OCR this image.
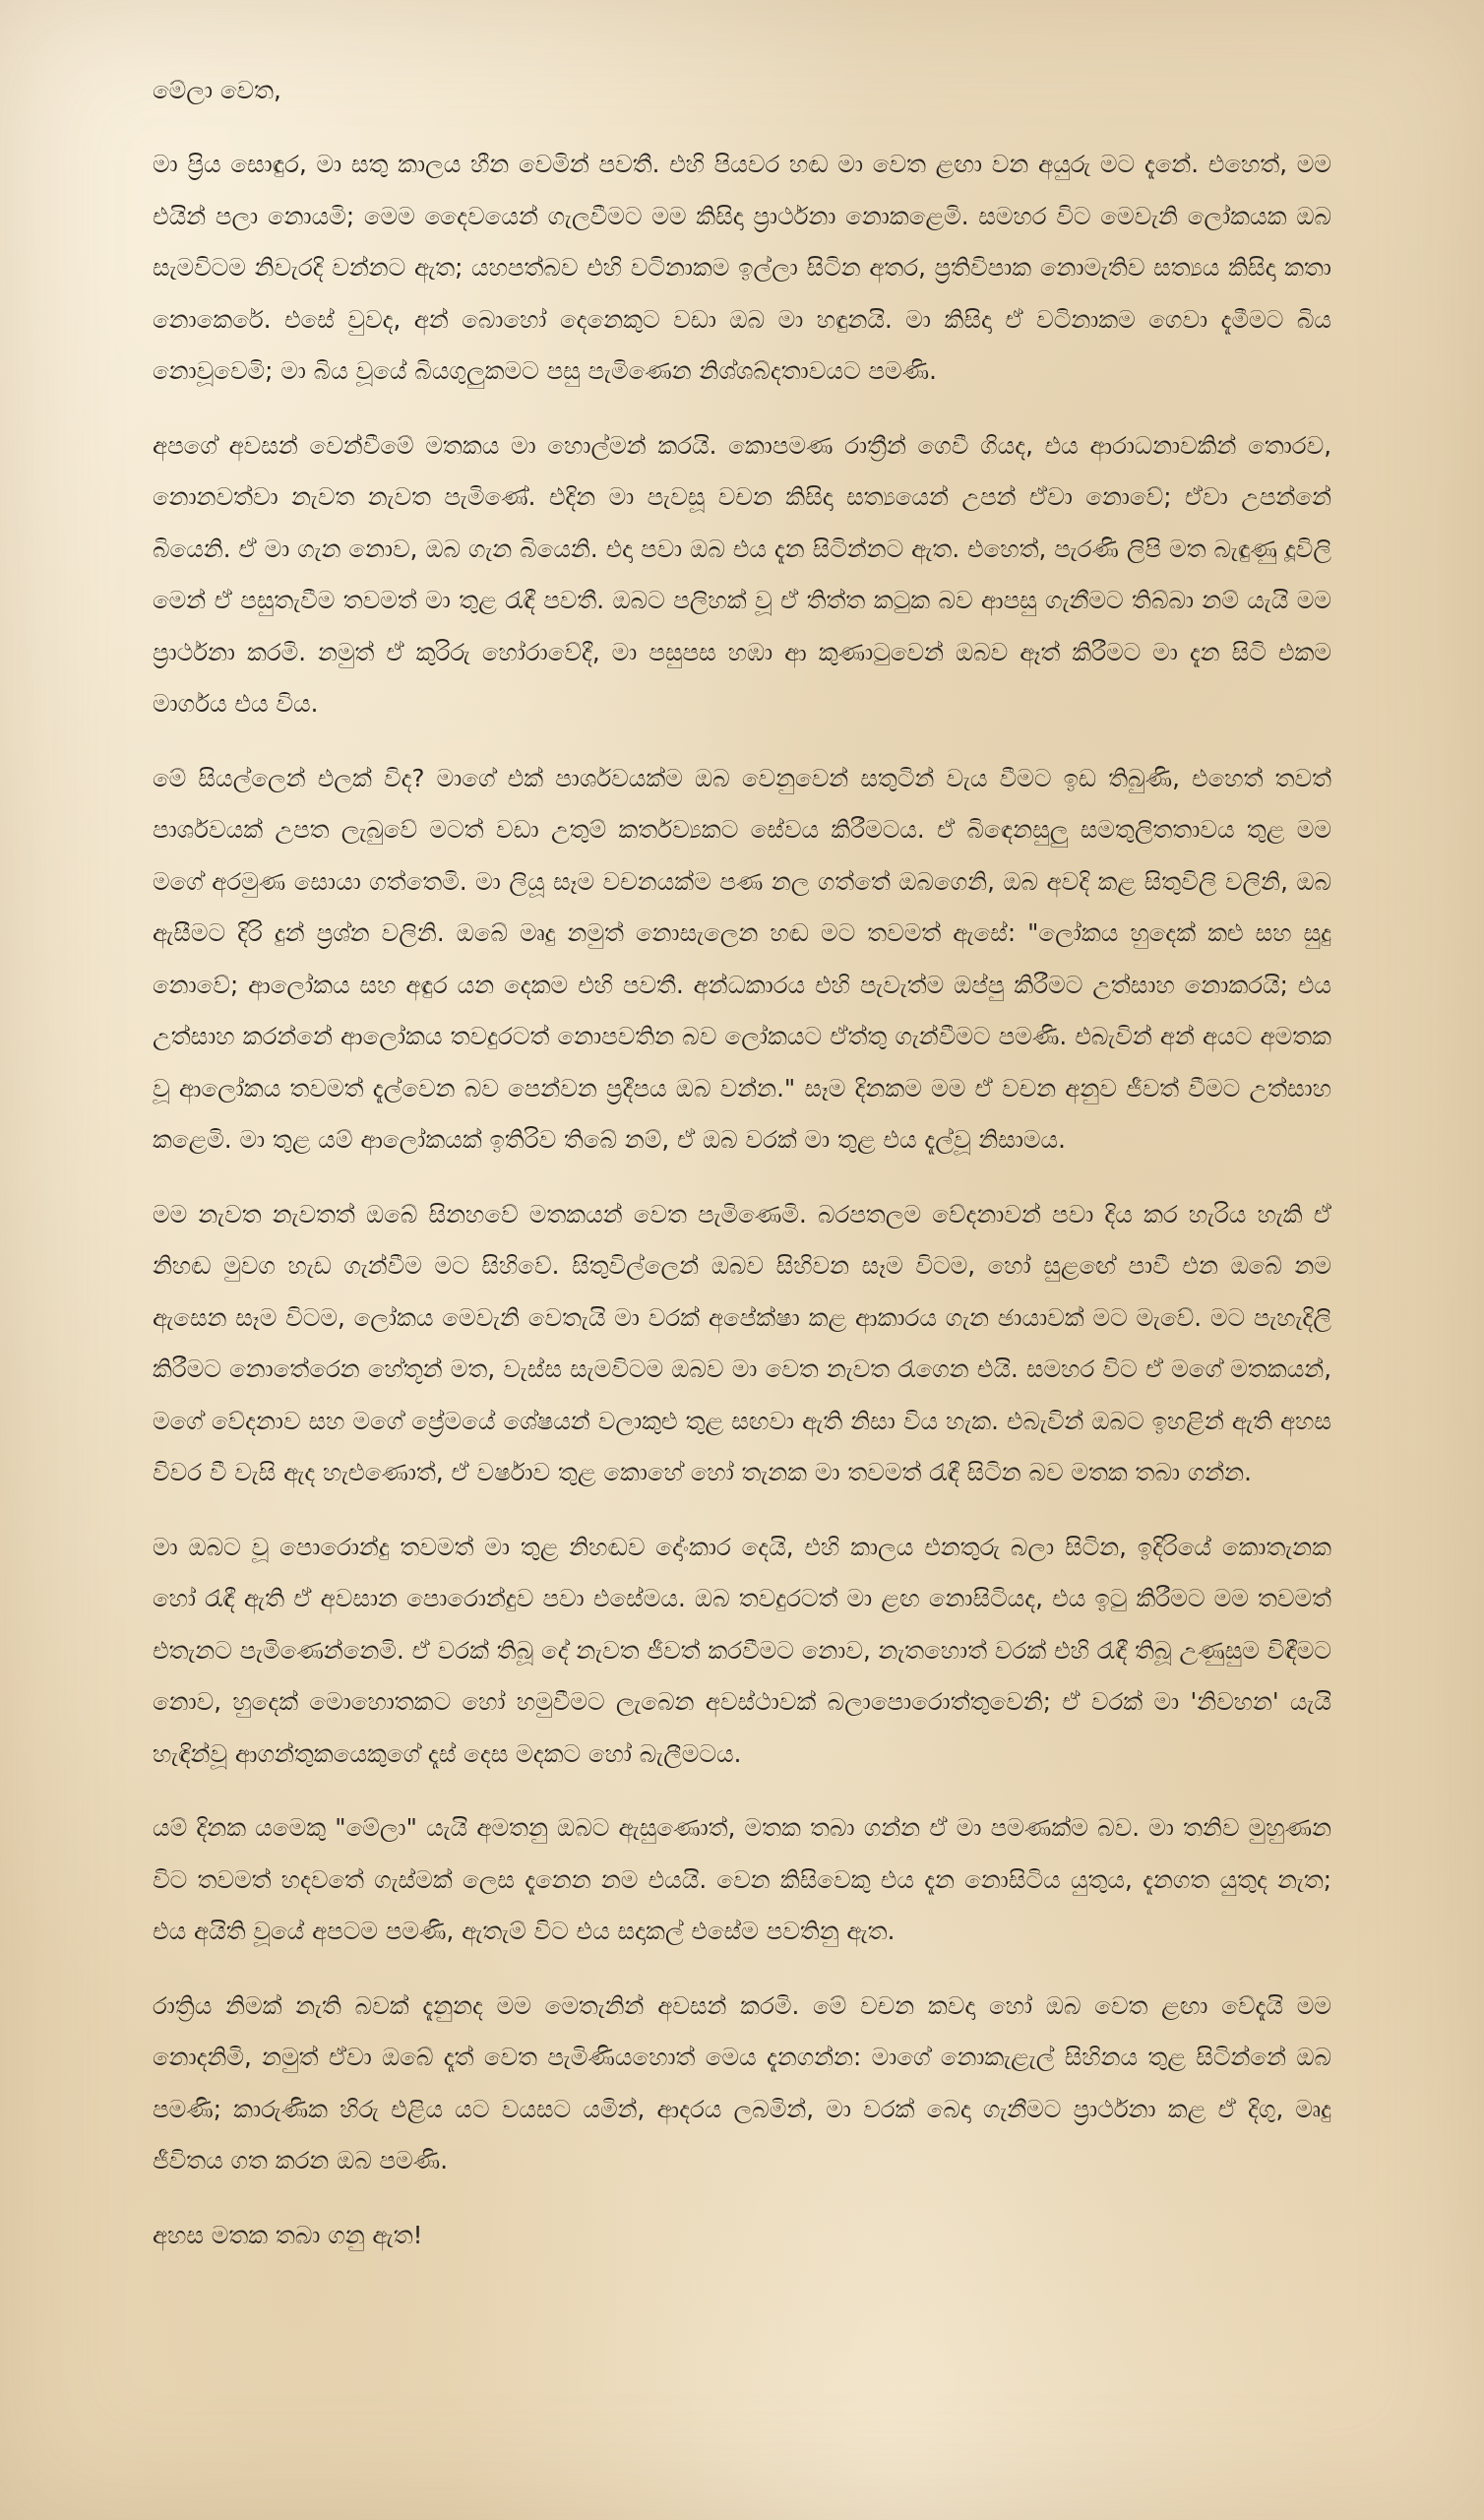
මේලා වෙත,

මා ප්‍රිය සොඳුර, මා සතු කාලය හීන වෙමින් පවතී. එහි පියවර හඬ මා වෙත ළඟා වන අයුරු මට දැනේ. එහෙත්, මම එයින් පලා නොයමි; මෙම දෛවයෙන් ගැලවීමට මම කිසිදා ප්‍රාර්ථනා නොකළෙමි. සමහර විට මෙවැනි ලෝකයක ඔබ සැමවිටම නිවැරදි වන්නට ඇත; යහපත්බව එහි වටිනාකම ඉල්ලා සිටින අතර, ප්‍රතිවිපාක නොමැතිව සත්‍යය කිසිදා කතා නොකෙරේ. එසේ වුවද, අන් බොහෝ දෙනෙකුට වඩා ඔබ මා හඳුනයි. මා කිසිදා ඒ වටිනාකම ගෙවා දැමීමට බිය නොවූවෙමි; මා බිය වූයේ බියගුලුකමට පසු පැමිණෙන නිශ්ශබ්දතාවයට පමණි.

අපගේ අවසන් වෙන්වීමේ මතකය මා හොල්මන් කරයි. කොපමණ රාත්‍රීන් ගෙවී ගියද, එය ආරාධනාවකින් තොරව, නොනවත්වා නැවත නැවත පැමිණේ. එදින මා පැවසූ වචන කිසිදා සත්‍යයෙන් උපන් ඒවා නොවේ; ඒවා උපන්නේ බියෙනි. ඒ මා ගැන නොව, ඔබ ගැන බියෙනි. එදා පවා ඔබ එය දැන සිටින්නට ඇත. එහෙත්, පැරණි ලිපි මත බැඳුණු දූවිලි මෙන් ඒ පසුතැවීම තවමත් මා තුළ රැඳී පවතී. ඔබට පලිහක් වූ ඒ තිත්ත කටුක බව ආපසු ගැනීමට තිබ්බා නම් යැයි මම ප්‍රාර්ථනා කරමි. නමුත් ඒ කුරිරු හෝරාවේදී, මා පසුපස හඹා ආ කුණාටුවෙන් ඔබව ඈත් කිරීමට මා දැන සිටි එකම මාර්ගය එය විය.

මේ සියල්ලෙන් එලක් විද? මාගේ එක් පාර්ශවයක්ම ඔබ වෙනුවෙන් සතුටින් වැය වීමට ඉඩ තිබුණි, එහෙත් තවත් පාර්ශවයක් උපත ලැබුවේ මටත් වඩා උතුම් කර්තව්‍යකට සේවය කිරීමටය. ඒ බිඳෙනසුලු සමතුලිතතාවය තුළ මම මගේ අරමුණ සොයා ගත්තෙමි. මා ලියූ සෑම වචනයක්ම පණ නල ගත්තේ ඔබගෙනි, ඔබ අවදි කළ සිතුවිලි වලිනි, ඔබ ඇසීමට දිරි දුන් ප්‍රශ්න වලිනි. ඔබේ මෘදු නමුත් නොසැලෙන හඬ මට තවමත් ඇසේ: "ලෝකය හුදෙක් කළු සහ සුදු නොවේ; ආලෝකය සහ අඳුර යන දෙකම එහි පවතී. අන්ධකාරය එහි පැවැත්ම ඔප්පු කිරීමට උත්සාහ නොකරයි; එය උත්සාහ කරන්නේ ආලෝකය තවදුරටත් නොපවතින බව ලෝකයට ඒත්තු ගැන්වීමට පමණි. එබැවින් අන් අයට අමතක වූ ආලෝකය තවමත් දැල්වෙන බව පෙන්වන ප්‍රදීපය ඔබ වන්න." සෑම දිනකම මම ඒ වචන අනුව ජීවත් වීමට උත්සාහ කළෙමි. මා තුළ යම් ආලෝකයක් ඉතිරිව තිබේ නම්, ඒ ඔබ වරක් මා තුළ එය දැල්වූ නිසාමය.

මම නැවත නැවතත් ඔබේ සිනහවේ මතකයන් වෙත පැමිණෙමි. බරපතලම වේදනාවන් පවා දිය කර හැරිය හැකි ඒ නිහඬ මුවග හැඩ ගැන්වීම මට සිහිවේ. සිතුවිල්ලෙන් ඔබව සිහිවන සෑම විටම, හෝ සුළඟේ පාවී එන ඔබේ නම ඇසෙන සෑම විටම, ලෝකය මෙවැනි වෙතැයි මා වරක් අපේක්ෂා කළ ආකාරය ගැන ඡායාවක් මට මැවේ. මට පැහැදිලි කිරීමට නොතේරෙන හේතූන් මත, වැස්ස සැමවිටම ඔබව මා වෙත නැවත රැගෙන එයි. සමහර විට ඒ මගේ මතකයන්, මගේ වේදනාව සහ මගේ ප්‍රේමයේ ශේෂයන් වලාකුළු තුළ සඟවා ඇති නිසා විය හැක. එබැවින් ඔබට ඉහළින් ඇති අහස විවර වී වැසි ඇද හැළුණොත්, ඒ වර්ෂාව තුළ කොහේ හෝ තැනක මා තවමත් රැඳී සිටින බව මතක තබා ගන්න.

මා ඔබට වූ පොරොන්දු තවමත් මා තුළ නිහඬව දෝංකාර දෙයි, එහි කාලය එනතුරු බලා සිටින, ඉදිරියේ කොතැනක හෝ රැඳී ඇති ඒ අවසාන පොරොන්දුව පවා එසේමය. ඔබ තවදුරටත් මා ළඟ නොසිටියද, එය ඉටු කිරීමට මම තවමත් එතැනට පැමිණෙන්නෙමි. ඒ වරක් තිබූ දේ නැවත ජීවත් කරවීමට නොව, නැතහොත් වරක් එහි රැඳී තිබූ උණුසුම විඳීමට නොව, හුදෙක් මොහොතකට හෝ හමුවීමට ලැබෙන අවස්ථාවක් බලාපොරොත්තුවෙනි; ඒ වරක් මා 'නිවහන' යැයි හැඳින්වූ ආගන්තුකයෙකුගේ දෑස් දෙස මදකට හෝ බැලීමටය.

යම් දිනක යමෙකු "මේලා" යැයි අමතනු ඔබට ඇසුණොත්, මතක තබා ගන්න ඒ මා පමණක්ම බව. මා තනිව මුහුණන විට තවමත් හදවතේ ගැස්මක් ලෙස දැනෙන නම එයයි. වෙන කිසිවෙකු එය දැන නොසිටිය යුතුය, දැනගත යුතුද නැත; එය අයිති වූයේ අපටම පමණි, ඇතැම් විට එය සදාකල් එසේම පවතිනු ඇත.

රාත්‍රිය නිමක් නැති බවක් දැනුනද මම මෙතැනින් අවසන් කරමි. මේ වචන කවදා හෝ ඔබ වෙත ළඟා වේදැයි මම නොදනිමි, නමුත් ඒවා ඔබේ දෑත් වෙත පැමිණියහොත් මෙය දැනගන්න: මාගේ නොකැළැල් සිහිනය තුළ සිටින්නේ ඔබ පමණි; කාරුණික හිරු එළිය යට වයසට යමින්, ආදරය ලබමින්, මා වරක් බෙදා ගැනීමට ප්‍රාර්ථනා කළ ඒ දිගු, මෘදු ජීවිතය ගත කරන ඔබ පමණි.

අහස මතක තබා ගනු ඇත!
